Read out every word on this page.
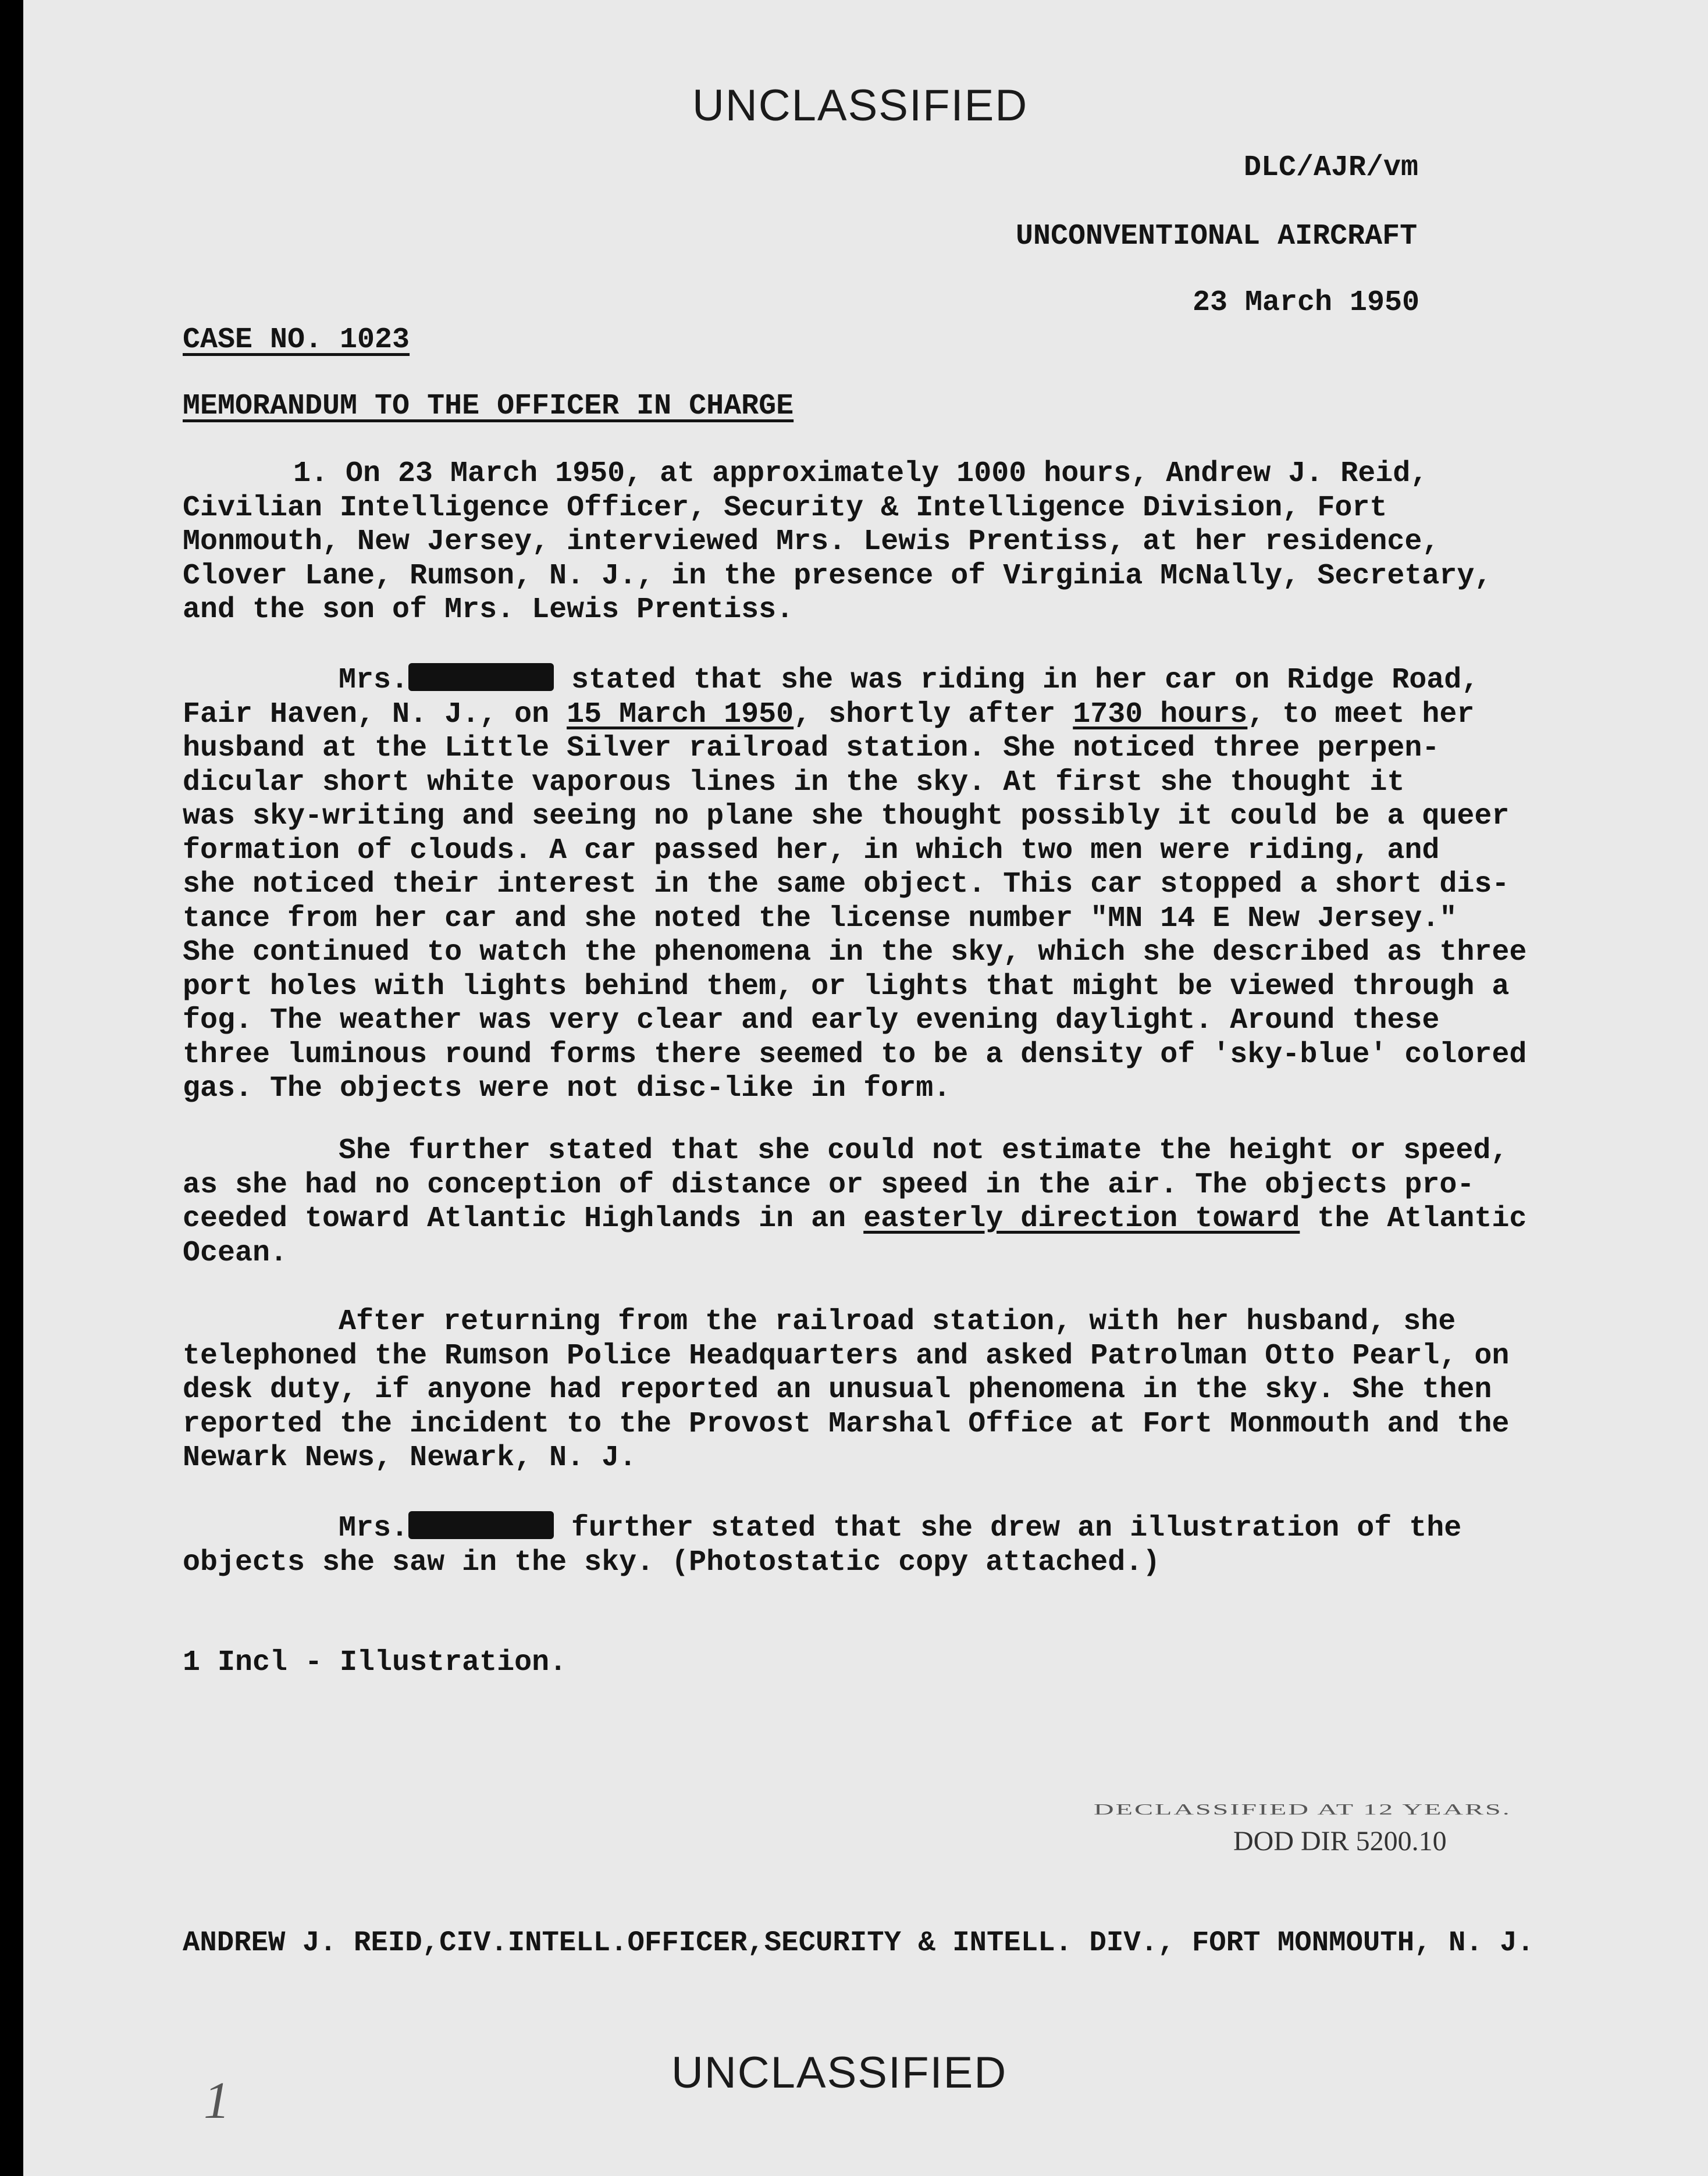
UNCLASSIFIED
DLC/AJR/vm
UNCONVENTIONAL AIRCRAFT
23 March 1950
CASE NO. 1023
MEMORANDUM TO THE OFFICER IN CHARGE
1. On 23 March 1950, at approximately 1000 hours, Andrew J. Reid,
Civilian Intelligence Officer, Security & Intelligence Division, Fort
Monmouth, New Jersey, interviewed Mrs. Lewis Prentiss, at her residence,
Clover Lane, Rumson, N. J., in the presence of Virginia McNally, Secretary,
and the son of Mrs. Lewis Prentiss.
Mrs.	stated that she was riding in her car on Ridge Road,
Fair Haven, N. J., on 15 March 1950, shortly after 1730 hours, to meet her
husband at the Little Silver railroad station. She noticed three perpen-
dicular short white vaporous lines in the sky. At first she thought it
was sky-writing and seeing no plane she thought possibly it could be a queer
formation of clouds. A car passed her, in which two men were riding, and
she noticed their interest in the same object. This car stopped a short dis-
tance from her car and she noted the license number "MN 14 E New Jersey."
She continued to watch the phenomena in the sky, which she described as three
port holes with lights behind them, or lights that might be viewed through a
fog. The weather was very clear and early evening daylight. Around these
three luminous round forms there seemed to be a density of 'sky-blue' colored
gas. The objects were not disc-like in form.
She further stated that she could not estimate the height or speed,
as she had no conception of distance or speed in the air. The objects pro-
ceeded toward Atlantic Highlands in an easterly direction toward the Atlantic
Ocean.
After returning from the railroad station, with her husband, she
telephoned the Rumson Police Headquarters and asked Patrolman Otto Pearl, on
desk duty, if anyone had reported an unusual phenomena in the sky. She then
reported the incident to the Provost Marshal Office at Fort Monmouth and the
Newark News, Newark, N. J.
Mrs.	further stated that she drew an illustration of the
objects she saw in the sky. (Photostatic copy attached.)
1 Incl - Illustration.
DECLASSIFIED AT 12 YEARS.
DOD DIR 5200.10
ANDREW J. REID,CIV.INTELL.OFFICER,SECURITY & INTELL. DIV., FORT MONMOUTH, N. J.
UNCLASSIFIED
1
